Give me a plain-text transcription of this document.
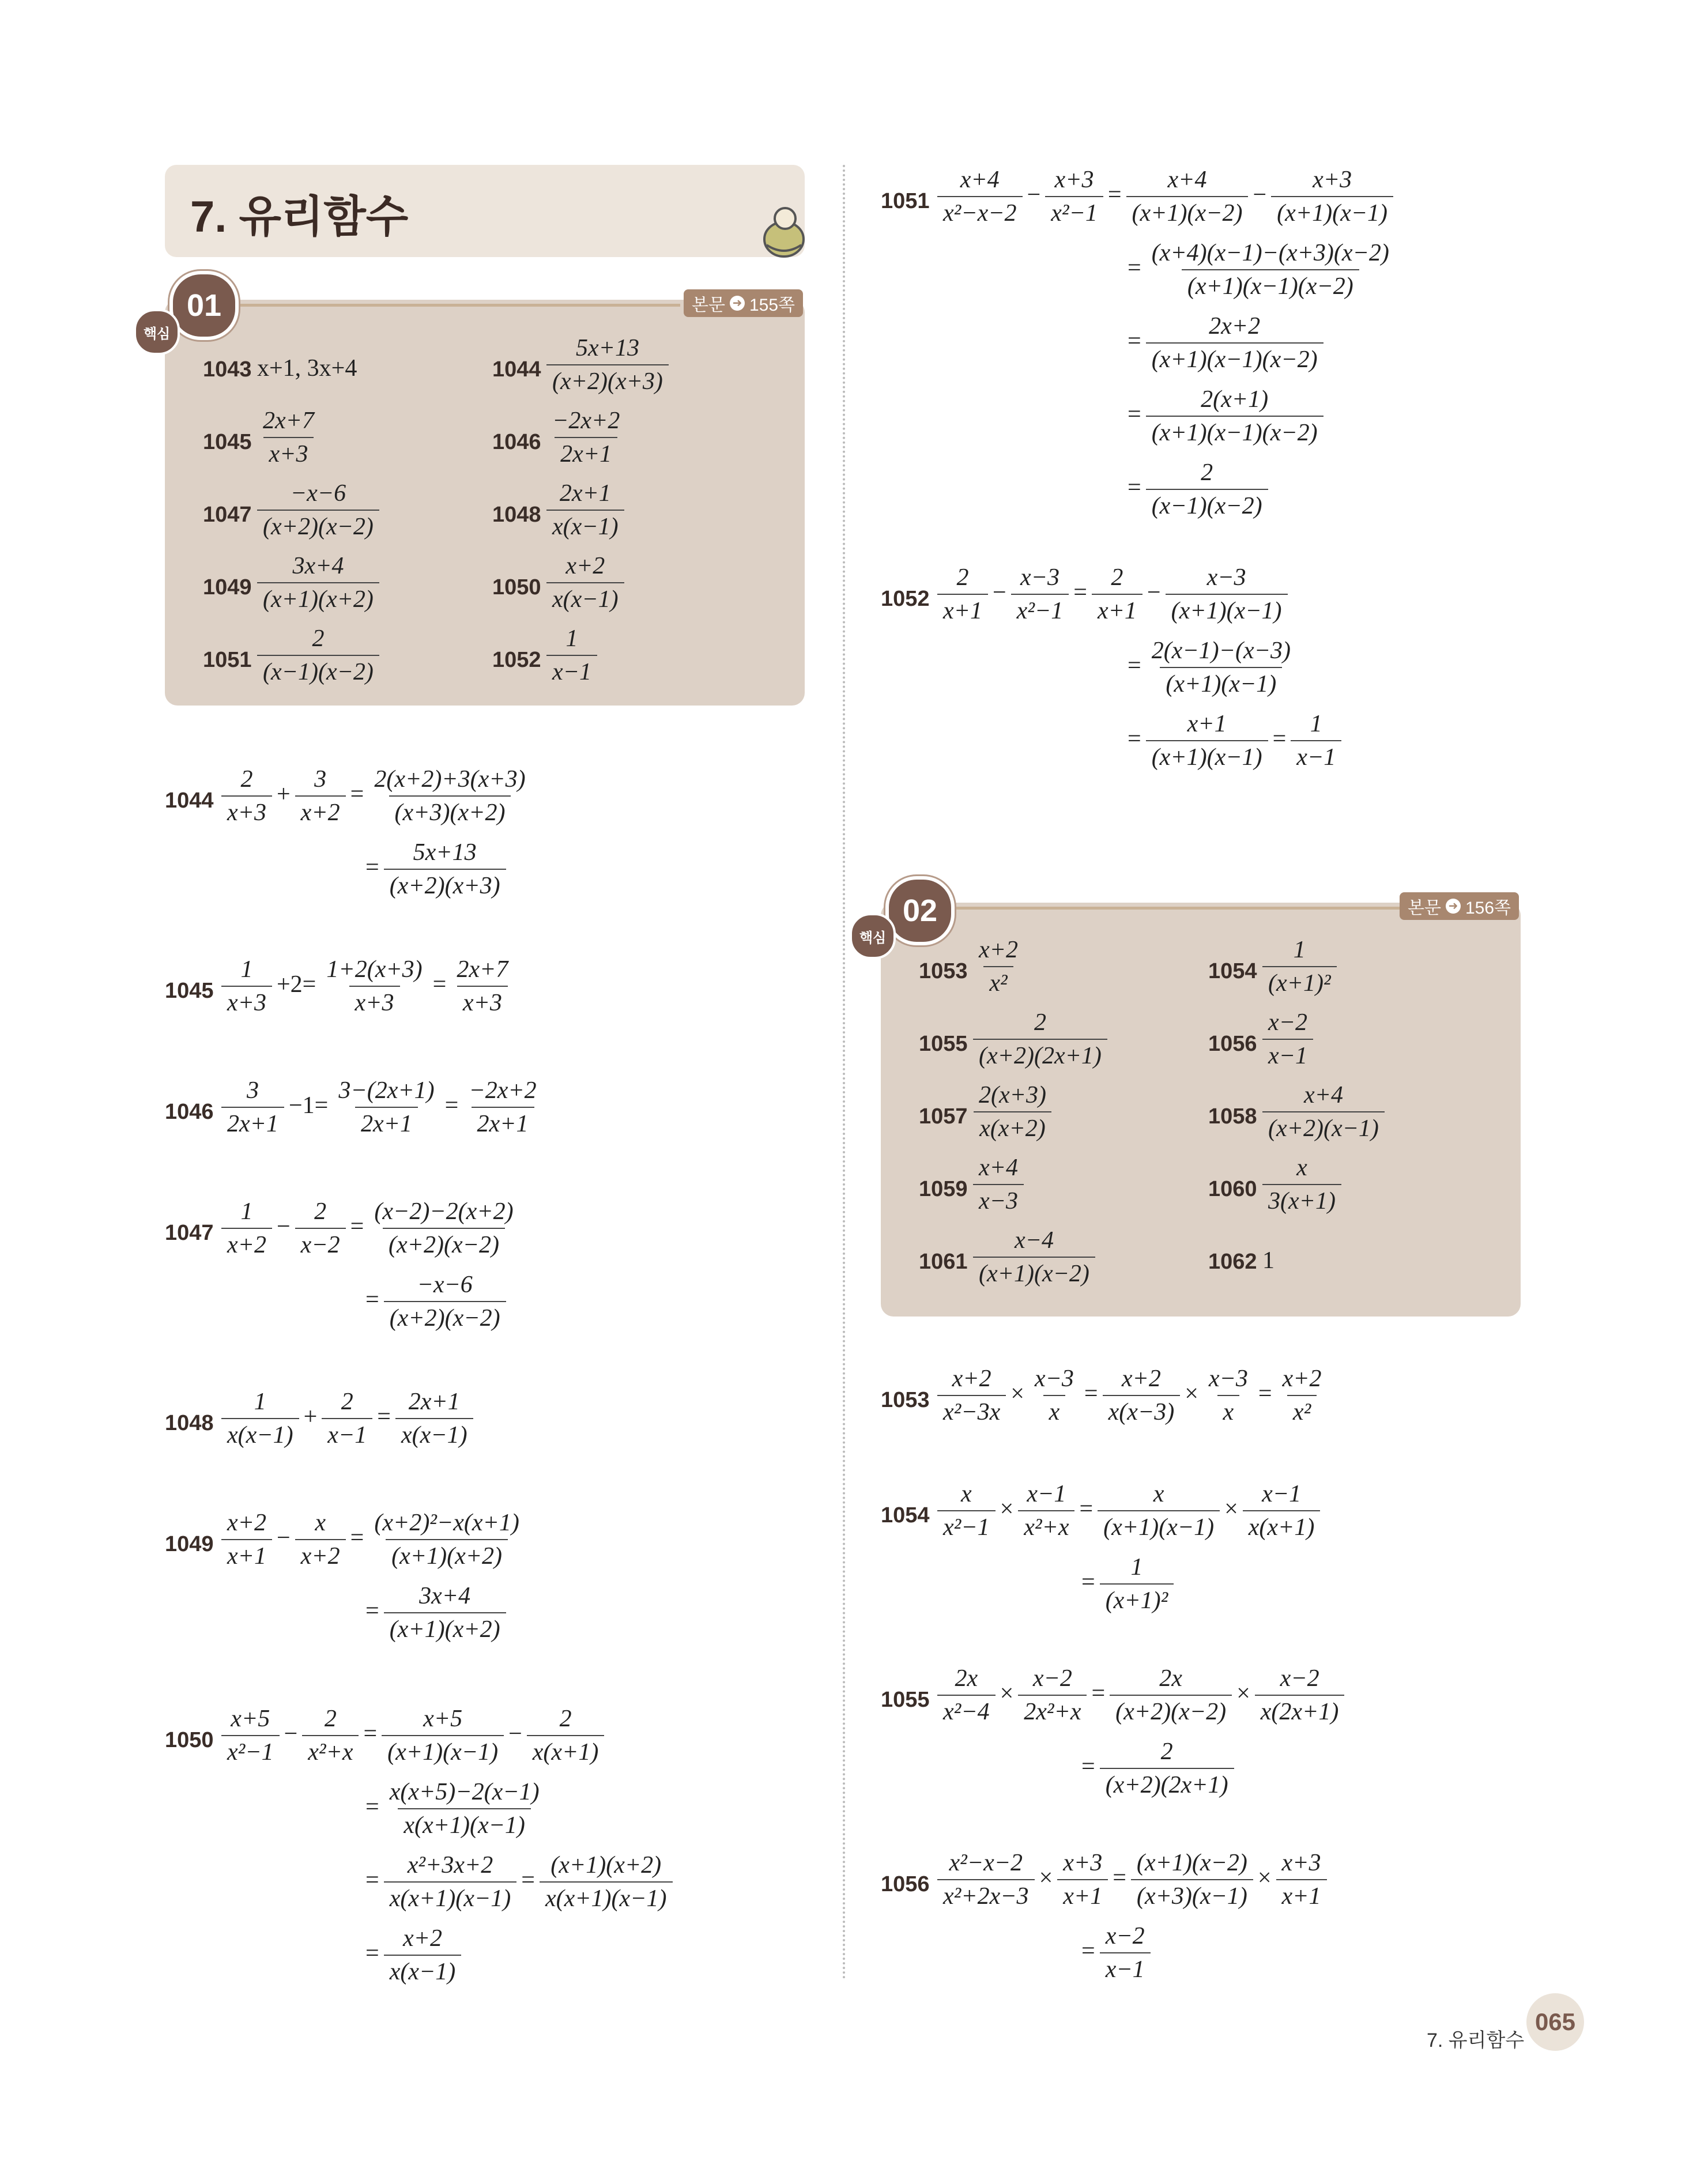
7. 유리함수
01
핵심
본문 ➜ 155쪽
1043 x+1, 3x+4	$1044 \frac{5x+13}{(x+2)(x+3)}$
$1045 \frac{2x+7}{x+3}$	$1046 \frac{-2x+2}{2x+1}$
$1047 \frac{-x-6}{(x+2)(x-2)}$	$1048 \frac{2x+1}{x(x-1)}$
$1049 \frac{3x+4}{(x+1)(x+2)}$	$1050 \frac{x+2}{x(x-1)}$
$1051 \frac{2}{(x-1)(x-2)}$	$1052 \frac{1}{x-1}$
02
핵심
본문 ➜ 156쪽
$1053 \frac{x+2}{\text{x²}}$	$1054 \frac{1}{\text{(x+1)²}}$
$1055 \frac{2}{(x+2)(2x+1)}$	$1056 \frac{x-2}{x-1}$
$1057 \frac{2(x+3)}{x(x+2)}$	$1058 \frac{x+4}{(x+2)(x-1)}$
$1059 \frac{x+4}{x-3}$	$1060 \frac{x}{3(x+1)}$
$1061 \frac{x-4}{(x+1)(x-2)}$	1062 1
$1044 \frac{2}{x+3} + \frac{3}{x+2} = \frac{2(x+2)+3(x+3)}{(x+3)(x+2)}$
= $\frac{5x+13}{(x+2)(x+3)}$
$1045 \frac{1}{x+3} +2= \frac{1+2(x+3)}{x+3} = \frac{2x+7}{x+3}$
$1046 \frac{3}{2x+1} -1= \frac{3-(2x+1)}{2x+1} = \frac{-2x+2}{2x+1}$
$1047 \frac{1}{x+2} - \frac{2}{x-2} = \frac{(x-2)-2(x+2)}{(x+2)(x-2)}$
= $\frac{-x-6}{(x+2)(x-2)}$
$1048 \frac{1}{x(x-1)} + \frac{2}{x-1} = \frac{2x+1}{x(x-1)}$
$1049 \frac{x+2}{x+1} - \frac{x}{x+2} = \frac{\text{(x+2)²−x(x+1)}}{(x+1)(x+2)}$
= $\frac{3x+4}{(x+1)(x+2)}$
$1050 \frac{x+5}{\text{x²−1}} - \frac{2}{\text{x²+x}} = \frac{x+5}{(x+1)(x-1)} - \frac{2}{x(x+1)}$
= $\frac{x(x+5)-2(x-1)}{x(x+1)(x-1)}$
= $\frac{\text{x²+3x+2}}{x(x+1)(x-1)} = \frac{(x+1)(x+2)}{x(x+1)(x-1)}$
= $\frac{x+2}{x(x-1)}$
$1051 \frac{x+4}{\text{x²−x−2}} - \frac{x+3}{\text{x²−1}} = \frac{x+4}{(x+1)(x-2)} - \frac{x+3}{(x+1)(x-1)}$
= $\frac{(x+4)(x-1)-(x+3)(x-2)}{(x+1)(x-1)(x-2)}$
= $\frac{2x+2}{(x+1)(x-1)(x-2)}$
= $\frac{2(x+1)}{(x+1)(x-1)(x-2)}$
= $\frac{2}{(x-1)(x-2)}$
$1052 \frac{2}{x+1} - \frac{x-3}{\text{x²−1}} = \frac{2}{x+1} - \frac{x-3}{(x+1)(x-1)}$
= $\frac{2(x-1)-(x-3)}{(x+1)(x-1)}$
= $\frac{x+1}{(x+1)(x-1)} = \frac{1}{x-1}$
$1053 \frac{x+2}{\text{x²−3x}} \times \frac{x-3}{x} = \frac{x+2}{x(x-3)} \times \frac{x-3}{x} = \frac{x+2}{\text{x²}}$
$1054 \frac{x}{\text{x²−1}} \times \frac{x-1}{\text{x²+x}} = \frac{x}{(x+1)(x-1)} \times \frac{x-1}{x(x+1)}$
= $\frac{1}{\text{(x+1)²}}$
$1055 \frac{2x}{\text{x²−4}} \times \frac{x-2}{\text{2x²+x}} = \frac{2x}{(x+2)(x-2)} \times \frac{x-2}{x(2x+1)}$
= $\frac{2}{(x+2)(2x+1)}$
$1056 \frac{\text{x²−x−2}}{\text{x²+2x−3}} \times \frac{x+3}{x+1} = \frac{(x+1)(x-2)}{(x+3)(x-1)} \times \frac{x+3}{x+1}$
= $\frac{x-2}{x-1}$
7. 유리함수
065
